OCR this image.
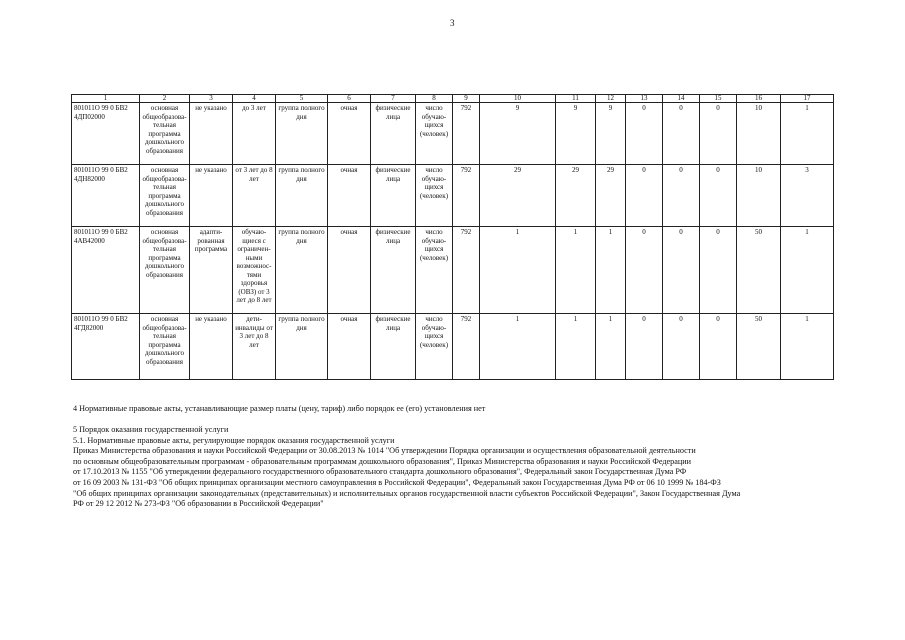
3
1	2	3	4	5	6	7	8	9	10	11	12	13	14	15	16	17
801011О 99 0 БВ2 4ДП02000	основная общеобразова-тельная программа дошкольного образования	не указано	до 3 лет	группа полного дня	очная	физические лица	число обучаю-щихся (человек)	792	9	9	9	0	0	0	10	1
801011О 99 0 БВ2 4ДН82000	основная общеобразова-тельная программа дошкольного образования	не указано	от 3 лет до 8 лет	группа полного дня	очная	физические лица	число обучаю-щихся (человек)	792	29	29	29	0	0	0	10	3
801011О 99 0 БВ2 4АВ42000	основная общеобразова-тельная программа дошкольного образования	адапти-рованная программа	обучаю-щиеся с ограничен-ными возможнос-тями здоровья (ОВЗ) от 3 лет до 8 лет	группа полного дня	очная	физические лица	число обучаю-щихся (человек)	792	1	1	1	0	0	0	50	1
801011О 99 0 БВ2 4ГД82000	основная общеобразова-тельная программа дошкольного образования	не указано	дети-инвалиды от 3 лет до 8 лет	группа полного дня	очная	физические лица	число обучаю-щихся (человек)	792	1	1	1	0	0	0	50	1
4 Нормативные правовые акты, устанавливающие размер платы (цену, тариф) либо порядок ее (его) установления нет
5 Порядок оказания государственной услуги
5.1. Нормативные правовые акты, регулирующие порядок оказания государственной услуги
Приказ Министерства образования и науки Российской Федерации от 30.08.2013 № 1014 "Об утверждении Порядка организации и осуществления образовательной деятельности
по основным общеобразовательным программам - образовательным программам дошкольного образования", Приказ Министерства образования и науки Российской Федерации
от 17.10.2013 № 1155 "Об утверждении федерального государственного образовательного стандарта дошкольного образования", Федеральный закон Государственная Дума РФ
от 16 09 2003 № 131-ФЗ "Об общих принципах организации местного самоуправления в Российской Федерации", Федеральный закон Государственная Дума РФ от 06 10 1999 № 184-ФЗ
"Об общих принципах организации законодательных (представительных) и исполнительных органов государственной власти субъектов Российской Федерации", Закон Государственная Дума
РФ от 29 12 2012 № 273-ФЗ "Об образовании в Российской Федерации"
